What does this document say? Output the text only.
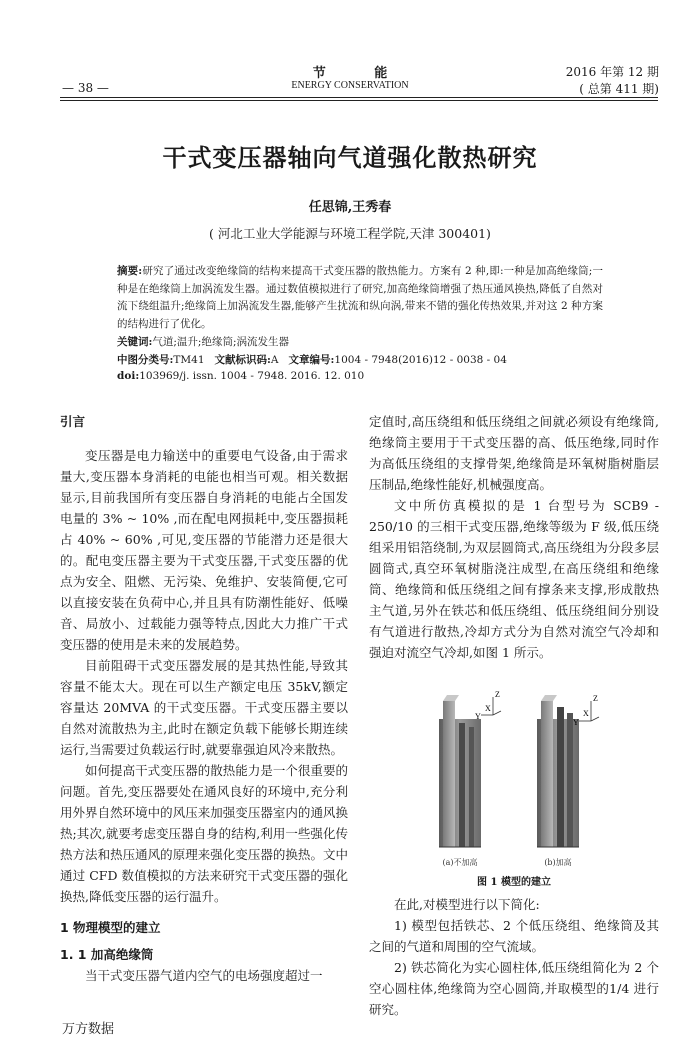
— 38 —
节 能
ENERGY CONSERVATION
2016 年第 12 期
( 总第 411 期)
干式变压器轴向气道强化散热研究
任思锦,王秀春
( 河北工业大学能源与环境工程学院,天津 300401)
摘要:研究了通过改变绝缘筒的结构来提高干式变压器的散热能力。方案有 2 种,即:一种是加高绝缘筒;一种是在绝缘筒上加涡流发生器。通过数值模拟进行了研究,加高绝缘筒增强了热压通风换热,降低了自然对流下绕组温升;绝缘筒上加涡流发生器,能够产生扰流和纵向涡,带来不错的强化传热效果,并对这 2 种方案的结构进行了优化。
关键词:气道;温升;绝缘筒;涡流发生器
中图分类号:TM41 文献标识码:A 文章编号:1004 - 7948(2016)12 - 0038 - 04
doi:103969/j. issn. 1004 - 7948. 2016. 12. 010
引言

变压器是电力输送中的重要电气设备,由于需求量大,变压器本身消耗的电能也相当可观。相关数据显示,目前我国所有变压器自身消耗的电能占全国发电量的 3% ~ 10% ,而在配电网损耗中,变压器损耗占 40% ~ 60% ,可见,变压器的节能潜力还是很大的。配电变压器主要为干式变压器,干式变压器的优点为安全、阻燃、无污染、免维护、安装简便,它可以直接安装在负荷中心,并且具有防潮性能好、低噪音、局放小、过载能力强等特点,因此大力推广干式变压器的使用是未来的发展趋势。

目前阻碍干式变压器发展的是其热性能,导致其容量不能太大。现在可以生产额定电压 35kV,额定容量达 20MVA 的干式变压器。干式变压器主要以自然对流散热为主,此时在额定负载下能够长期连续运行,当需要过负载运行时,就要靠强迫风冷来散热。

如何提高干式变压器的散热能力是一个很重要的问题。首先,变压器要处在通风良好的环境中,充分利用外界自然环境中的风压来加强变压器室内的通风换热;其次,就要考虑变压器自身的结构,利用一些强化传热方法和热压通风的原理来强化变压器的换热。文中通过 CFD 数值模拟的方法来研究干式变压器的强化换热,降低变压器的运行温升。

1 物理模型的建立
1. 1 加高绝缘筒

当干式变压器气道内空气的电场强度超过一

定值时,高压绕组和低压绕组之间就必须设有绝缘筒,绝缘筒主要用于干式变压器的高、低压绝缘,同时作为高低压绕组的支撑骨架,绝缘筒是环氧树脂树脂层压制品,绝缘性能好,机械强度高。

文中所仿真模拟的是 1 台型号为 SCB9 - 250/10 的三相干式变压器,绝缘等级为 F 级,低压绕组采用铝箔绕制,为双层圆筒式,高压绕组为分段多层圆筒式,真空环氧树脂浇注成型,在高压绕组和绝缘筒、绝缘筒和低压绕组之间有撑条来支撑,形成散热主气道,另外在铁芯和低压绕组、低压绕组间分别设有气道进行散热,冷却方式分为自然对流空气冷却和强迫对流空气冷却,如图 1 所示。

Z
X
Y
Z
X
Y
(a)不加高	(b)加高
图 1 模型的建立

在此,对模型进行以下简化:

1) 模型包括铁芯、2 个低压绕组、绝缘筒及其之间的气道和周围的空气流域。

2) 铁芯简化为实心圆柱体,低压绕组简化为 2 个空心圆柱体,绝缘筒为空心圆筒,并取模型的1/4 进行研究。

万方数据
